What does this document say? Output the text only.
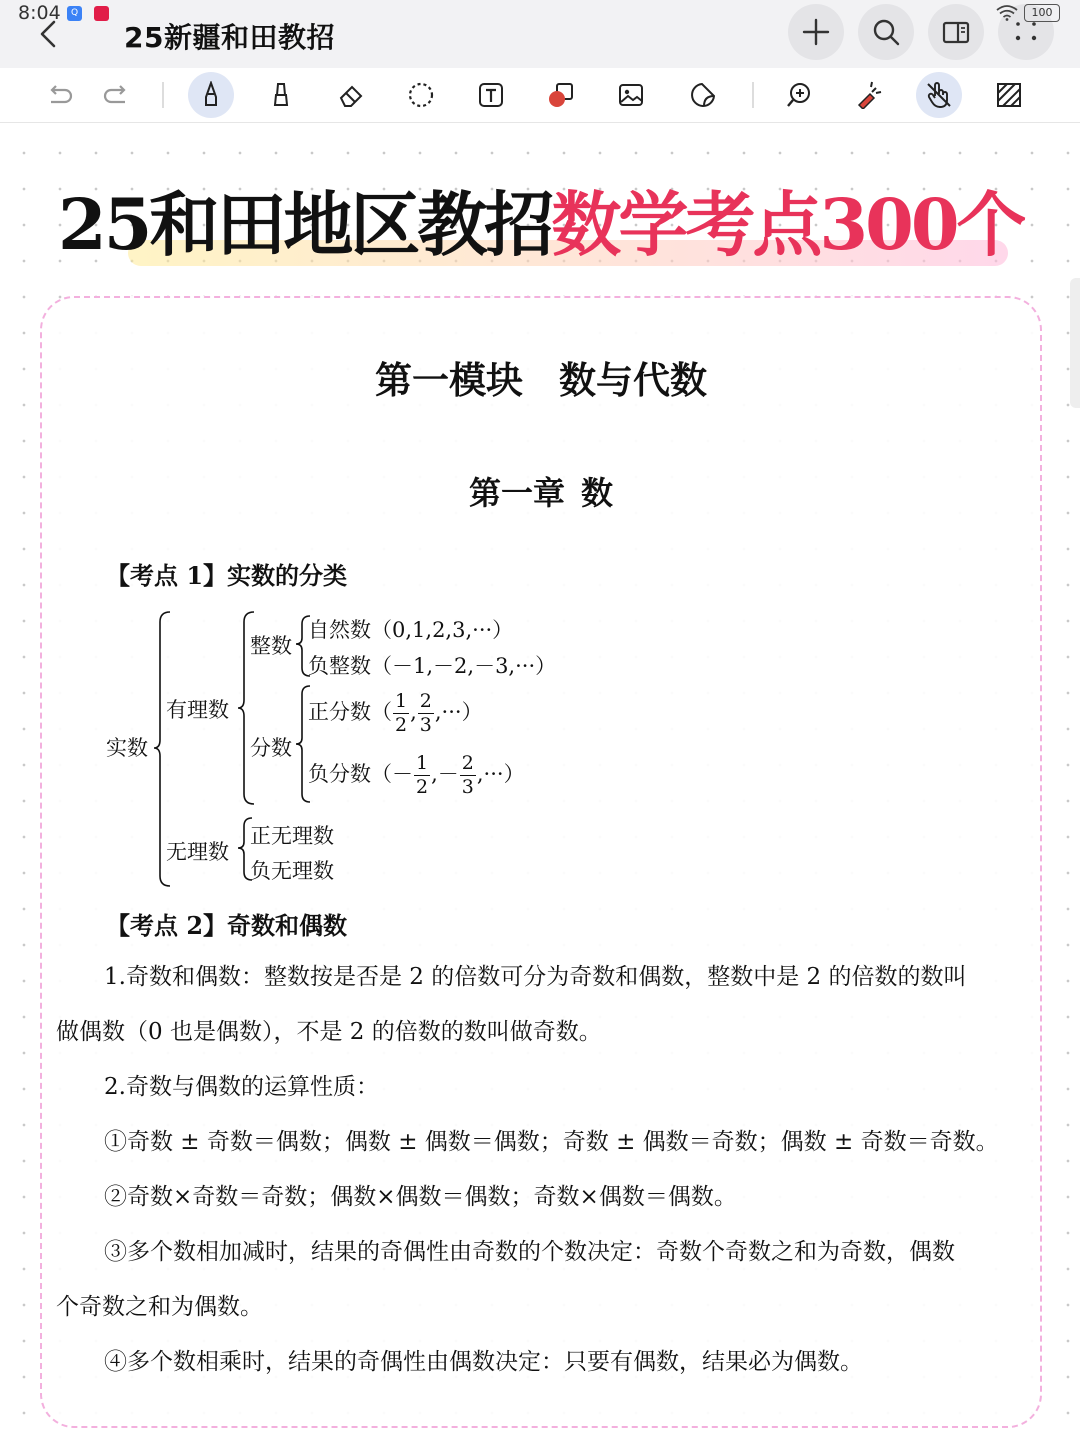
8:04	Q
25新疆和田教招
100
25和田地区教招数学考点300个
第一模块 数与代数
第一章 数
【考点 1】实数的分类
实数
有理数
整数
自然数（0,1,2,3,···）
负整数（－1,－2,－3,···）
分数
正分数（ $\frac{1}{2}$ , $\frac{2}{3}$ ,···）
负分数（－ $\frac{1}{2}$ ,－ $\frac{2}{3}$ ,···）
无理数
正无理数
负无理数
【考点 2】奇数和偶数
1.奇数和偶数：整数按是否是 2 的倍数可分为奇数和偶数，整数中是 2 的倍数的数叫
做偶数（0 也是偶数），不是 2 的倍数的数叫做奇数。
2.奇数与偶数的运算性质：
①奇数 ± 奇数＝偶数；偶数 ± 偶数＝偶数；奇数 ± 偶数＝奇数；偶数 ± 奇数＝奇数。
②奇数×奇数＝奇数；偶数×偶数＝偶数；奇数×偶数＝偶数。
③多个数相加减时，结果的奇偶性由奇数的个数决定：奇数个奇数之和为奇数，偶数
个奇数之和为偶数。
④多个数相乘时，结果的奇偶性由偶数决定：只要有偶数，结果必为偶数。
